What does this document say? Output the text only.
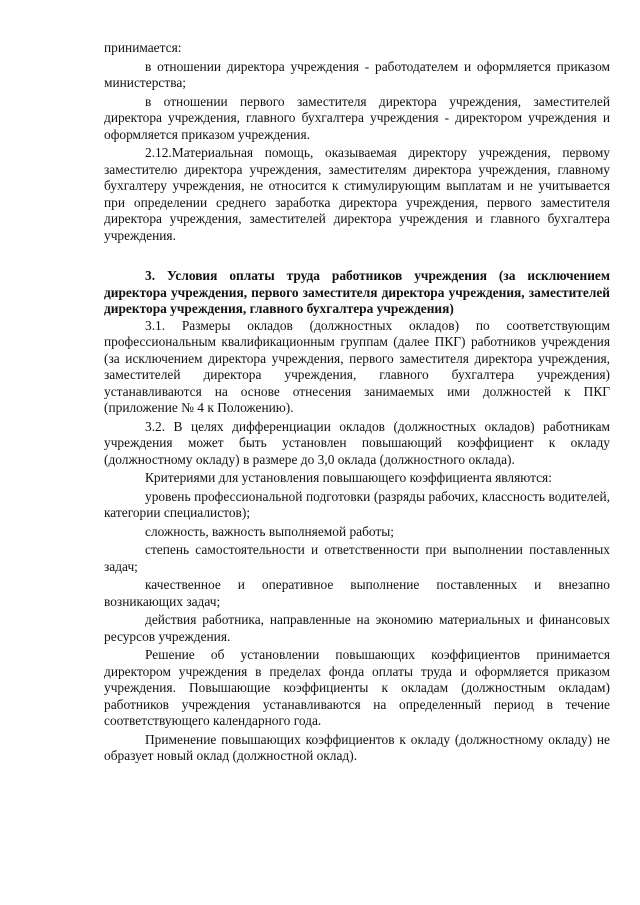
принимается:

в отношении директора учреждения - работодателем и оформляется приказом министерства;

в отношении первого заместителя директора учреждения, заместителей директора учреждения, главного бухгалтера учреждения - директором учреждения и оформляется приказом учреждения.

2.12.Материальная помощь, оказываемая директору учреждения, первому заместителю директора учреждения, заместителям директора учреждения, главному бухгалтеру учреждения, не относится к стимулирующим выплатам и не учитывается при определении среднего заработка директора учреждения, первого заместителя директора учреждения, заместителей директора учреждения и главного бухгалтера учреждения.

3. Условия оплаты труда работников учреждения (за исключением директора учреждения, первого заместителя директора учреждения, заместителей директора учреждения, главного бухгалтера учреждения)

3.1. Размеры окладов (должностных окладов) по соответствующим профессиональным квалификационным группам (далее ПКГ) работников учреждения (за исключением директора учреждения, первого заместителя директора учреждения, заместителей директора учреждения, главного бухгалтера учреждения) устанавливаются на основе отнесения занимаемых ими должностей к ПКГ (приложение № 4 к Положению).

3.2. В целях дифференциации окладов (должностных окладов) работникам учреждения может быть установлен повышающий коэффициент к окладу (должностному окладу) в размере до 3,0 оклада (должностного оклада).

Критериями для установления повышающего коэффициента являются:

уровень профессиональной подготовки (разряды рабочих, классность водителей, категории специалистов);

сложность, важность выполняемой работы;

степень самостоятельности и ответственности при выполнении поставленных задач;

качественное и оперативное выполнение поставленных и внезапно возникающих задач;

действия работника, направленные на экономию материальных и финансовых ресурсов учреждения.

Решение об установлении повышающих коэффициентов принимается директором учреждения в пределах фонда оплаты труда и оформляется приказом учреждения. Повышающие коэффициенты к окладам (должностным окладам) работников учреждения устанавливаются на определенный период в течение соответствующего календарного года.

Применение повышающих коэффициентов к окладу (должностному окладу) не образует новый оклад (должностной оклад).
